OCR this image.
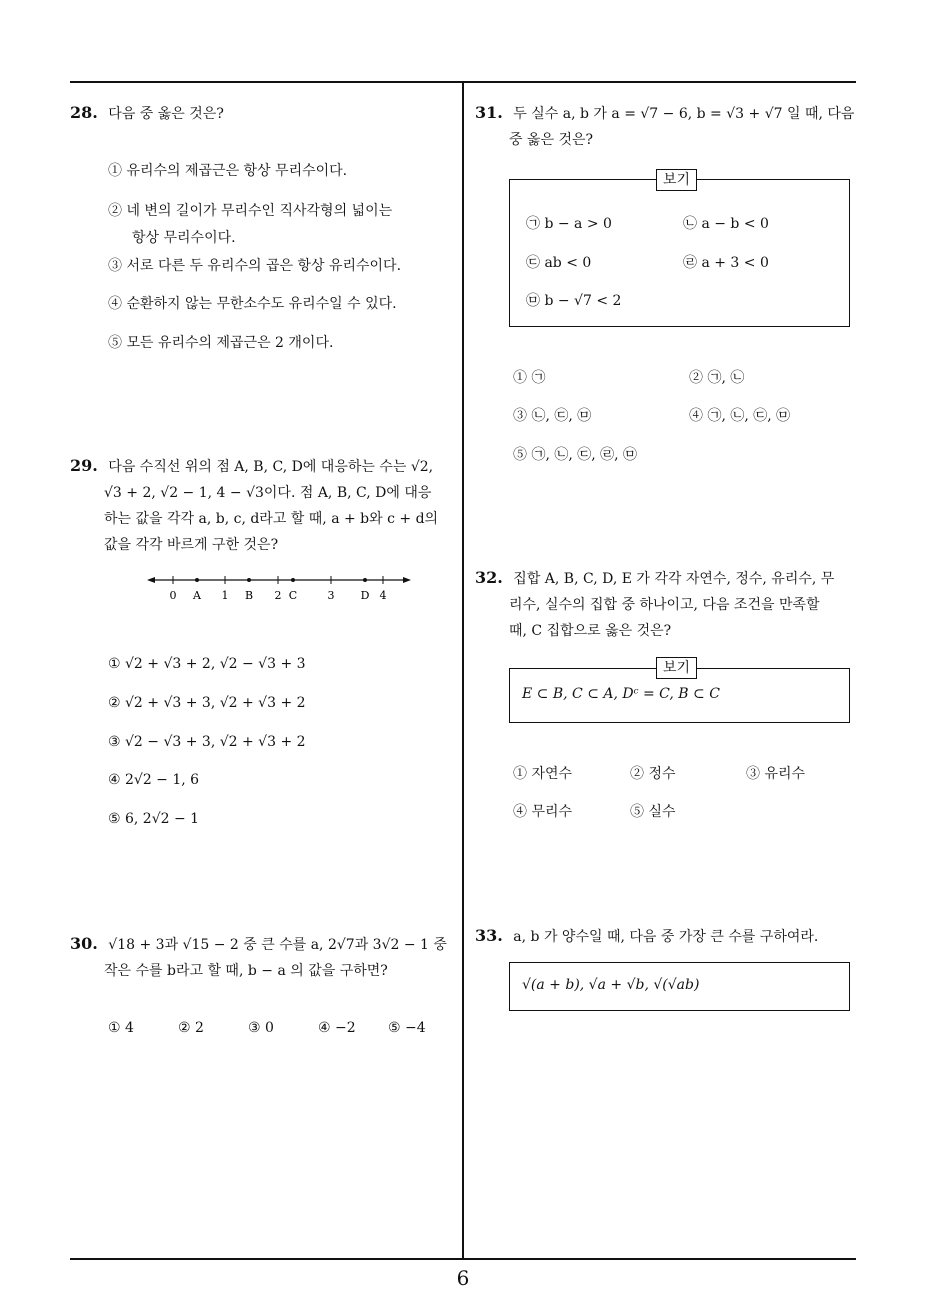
28. 다음 중 옳은 것은?
① 유리수의 제곱근은 항상 무리수이다.
② 네 변의 길이가 무리수인 직사각형의 넓이는
항상 무리수이다.
③ 서로 다른 두 유리수의 곱은 항상 유리수이다.
④ 순환하지 않는 무한소수도 유리수일 수 있다.
⑤ 모든 유리수의 제곱근은 2 개이다.
29. 다음 수직선 위의 점 A, B, C, D에 대응하는 수는 √2,
√3 + 2, √2 − 1, 4 − √3이다. 점 A, B, C, D에 대응
하는 값을 각각 a, b, c, d라고 할 때, a + b와 c + d의
값을 각각 바르게 구한 것은?
0 A 1 B 2 C	3 D 4
① √2 + √3 + 2, √2 − √3 + 3
② √2 + √3 + 3, √2 + √3 + 2
③ √2 − √3 + 3, √2 + √3 + 2
④ 2√2 − 1, 6
⑤ 6, 2√2 − 1
30. √18 + 3과 √15 − 2 중 큰 수를 a, 2√7과 3√2 − 1 중
작은 수를 b라고 할 때, b − a 의 값을 구하면?
① 4	② 2	③ 0	④ −2 ⑤ −4
31. 두 실수 a, b 가 a = √7 − 6, b = √3 + √7 일 때, 다음
중 옳은 것은?
보기
㉠ b − a > 0	㉡ a − b < 0
㉢ ab < 0	㉣ a + 3 < 0
㉤ b − √7 < 2
① ㉠	② ㉠, ㉡
③ ㉡, ㉢, ㉤	④ ㉠, ㉡, ㉢, ㉤
⑤ ㉠, ㉡, ㉢, ㉣, ㉤
32. 집합 A, B, C, D, E 가 각각 자연수, 정수, 유리수, 무
리수, 실수의 집합 중 하나이고, 다음 조건을 만족할
때, C 집합으로 옳은 것은?
보기
E ⊂ B, C ⊂ A, Dᶜ = C, B ⊂ C
① 자연수	② 정수	③ 유리수
④ 무리수	⑤ 실수
33. a, b 가 양수일 때, 다음 중 가장 큰 수를 구하여라.
√(a + b), √a + √b, √(√ab)
6
